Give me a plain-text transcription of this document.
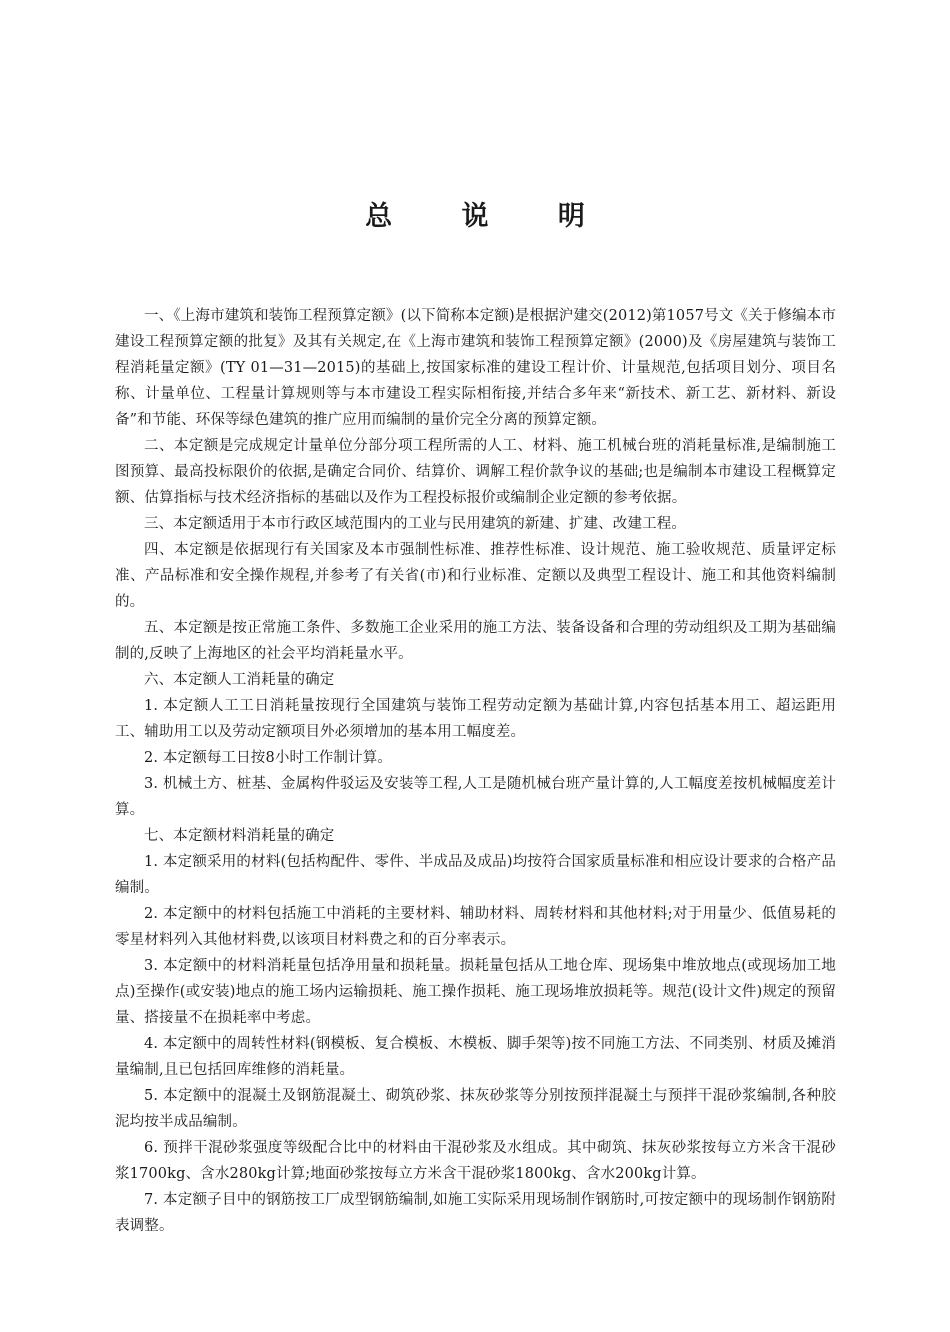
总 说 明

一、《上海市建筑和装饰工程预算定额》(以下简称本定额)是根据沪建交(2012)第1057号文《关于修编本市建设工程预算定额的批复》及其有关规定,在《上海市建筑和装饰工程预算定额》(2000)及《房屋建筑与装饰工程消耗量定额》(TY 01—31—2015)的基础上,按国家标准的建设工程计价、计量规范,包括项目划分、项目名称、计量单位、工程量计算规则等与本市建设工程实际相衔接,并结合多年来“新技术、新工艺、新材料、新设备”和节能、环保等绿色建筑的推广应用而编制的量价完全分离的预算定额。

二、本定额是完成规定计量单位分部分项工程所需的人工、材料、施工机械台班的消耗量标准,是编制施工图预算、最高投标限价的依据,是确定合同价、结算价、调解工程价款争议的基础;也是编制本市建设工程概算定额、估算指标与技术经济指标的基础以及作为工程投标报价或编制企业定额的参考依据。

三、本定额适用于本市行政区域范围内的工业与民用建筑的新建、扩建、改建工程。

四、本定额是依据现行有关国家及本市强制性标准、推荐性标准、设计规范、施工验收规范、质量评定标准、产品标准和安全操作规程,并参考了有关省(市)和行业标准、定额以及典型工程设计、施工和其他资料编制的。

五、本定额是按正常施工条件、多数施工企业采用的施工方法、装备设备和合理的劳动组织及工期为基础编制的,反映了上海地区的社会平均消耗量水平。

六、本定额人工消耗量的确定

1. 本定额人工工日消耗量按现行全国建筑与装饰工程劳动定额为基础计算,内容包括基本用工、超运距用工、辅助用工以及劳动定额项目外必须增加的基本用工幅度差。

2. 本定额每工日按8小时工作制计算。

3. 机械土方、桩基、金属构件驳运及安装等工程,人工是随机械台班产量计算的,人工幅度差按机械幅度差计算。

七、本定额材料消耗量的确定

1. 本定额采用的材料(包括构配件、零件、半成品及成品)均按符合国家质量标准和相应设计要求的合格产品编制。

2. 本定额中的材料包括施工中消耗的主要材料、辅助材料、周转材料和其他材料;对于用量少、低值易耗的零星材料列入其他材料费,以该项目材料费之和的百分率表示。

3. 本定额中的材料消耗量包括净用量和损耗量。损耗量包括从工地仓库、现场集中堆放地点(或现场加工地点)至操作(或安装)地点的施工场内运输损耗、施工操作损耗、施工现场堆放损耗等。规范(设计文件)规定的预留量、搭接量不在损耗率中考虑。

4. 本定额中的周转性材料(钢模板、复合模板、木模板、脚手架等)按不同施工方法、不同类别、材质及摊消量编制,且已包括回库维修的消耗量。

5. 本定额中的混凝土及钢筋混凝土、砌筑砂浆、抹灰砂浆等分别按预拌混凝土与预拌干混砂浆编制,各种胶泥均按半成品编制。

6. 预拌干混砂浆强度等级配合比中的材料由干混砂浆及水组成。其中砌筑、抹灰砂浆按每立方米含干混砂浆1700kg、含水280kg计算;地面砂浆按每立方米含干混砂浆1800kg、含水200kg计算。

7. 本定额子目中的钢筋按工厂成型钢筋编制,如施工实际采用现场制作钢筋时,可按定额中的现场制作钢筋附表调整。
